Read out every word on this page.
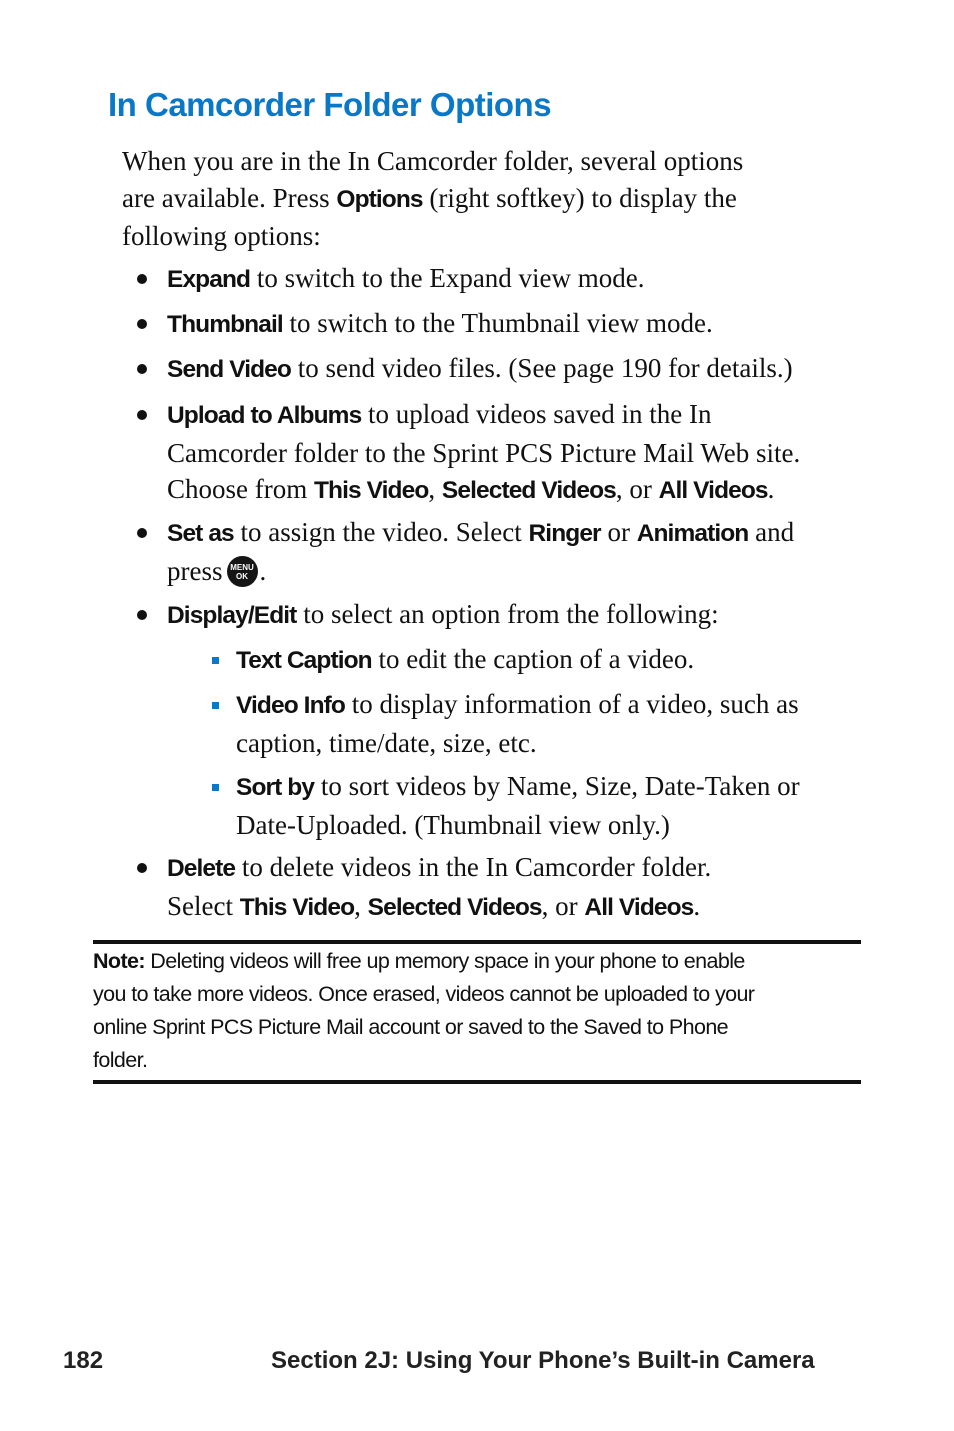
In Camcorder Folder Options

When you are in the In Camcorder folder, several options
are available. Press Options (right softkey) to display the
following options:

Expand to switch to the Expand view mode.
Thumbnail to switch to the Thumbnail view mode.
Send Video to send video files. (See page 190 for details.)
Upload to Albums to upload videos saved in the In
Camcorder folder to the Sprint PCS Picture Mail Web site.
Choose from This Video, Selected Videos, or All Videos.
Set as to assign the video. Select Ringer or Animation and
press MENU
OK .
Display/Edit to select an option from the following:
Text Caption to edit the caption of a video.
Video Info to display information of a video, such as
caption, time/date, size, etc.
Sort by to sort videos by Name, Size, Date-Taken or
Date-Uploaded. (Thumbnail view only.)
Delete to delete videos in the In Camcorder folder.
Select This Video, Selected Videos, or All Videos.

Note: Deleting videos will free up memory space in your phone to enable
you to take more videos. Once erased, videos cannot be uploaded to your
online Sprint PCS Picture Mail account or saved to the Saved to Phone
folder.

182	Section 2J: Using Your Phone’s Built-in Camera
